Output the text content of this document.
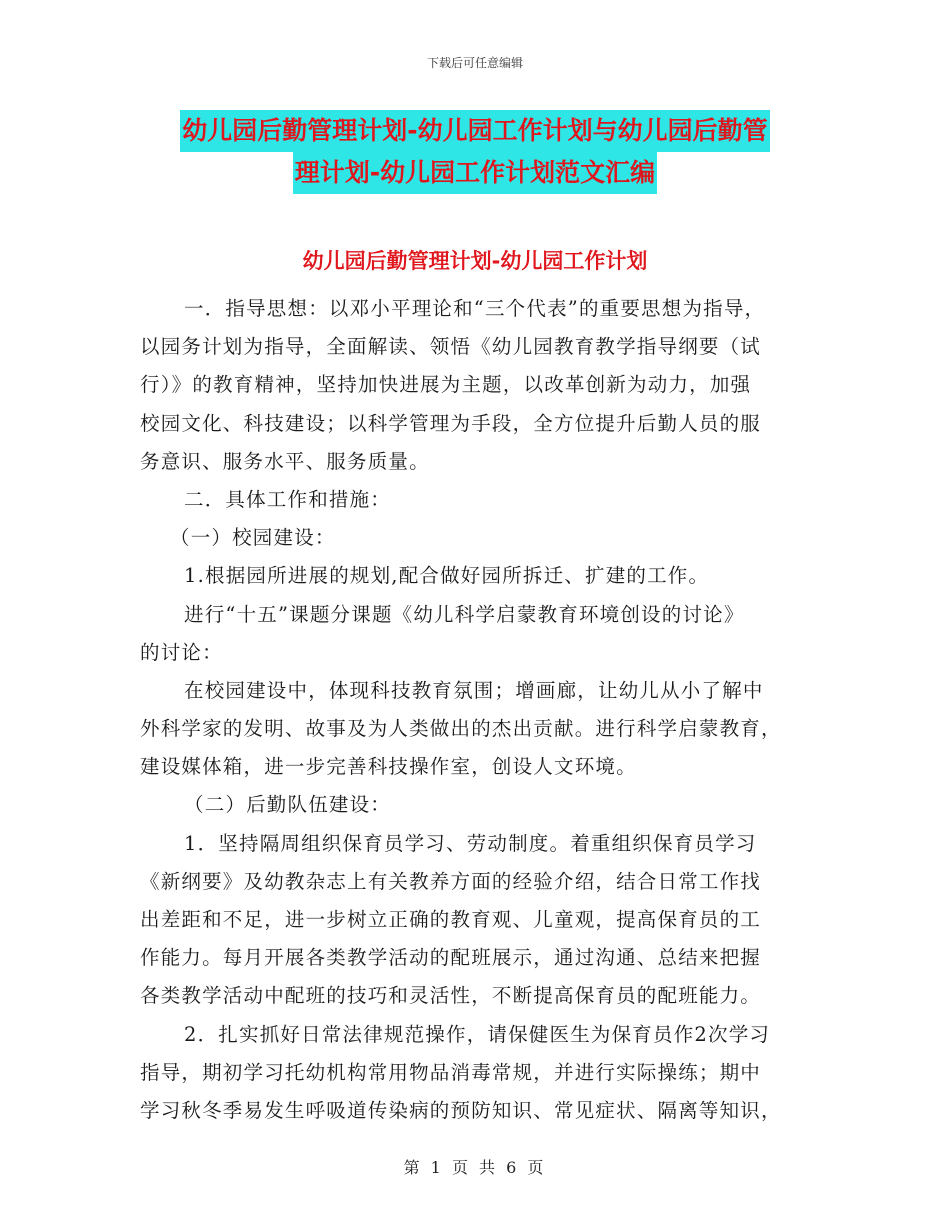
下载后可任意编辑
幼儿园后勤管理计划-幼儿园工作计划与幼儿园后勤管
理计划-幼儿园工作计划范文汇编
幼儿园后勤管理计划-幼儿园工作计划
一．指导思想：以邓小平理论和“三个代表”的重要思想为指导，
以园务计划为指导，全面解读、领悟《幼儿园教育教学指导纲要（试
行）》的教育精神，坚持加快进展为主题，以改革创新为动力，加强
校园文化、科技建设；以科学管理为手段，全方位提升后勤人员的服
务意识、服务水平、服务质量。
二．具体工作和措施：
（一）校园建设：
1.根据园所进展的规划,配合做好园所拆迁、扩建的工作。
进行“十五”课题分课题《幼儿科学启蒙教育环境创设的讨论》
的讨论：
在校园建设中，体现科技教育氛围；增画廊，让幼儿从小了解中
外科学家的发明、故事及为人类做出的杰出贡献。进行科学启蒙教育，
建设媒体箱，进一步完善科技操作室，创设人文环境。
（二）后勤队伍建设：
1．坚持隔周组织保育员学习、劳动制度。着重组织保育员学习
《新纲要》及幼教杂志上有关教养方面的经验介绍，结合日常工作找
出差距和不足，进一步树立正确的教育观、儿童观，提高保育员的工
作能力。每月开展各类教学活动的配班展示，通过沟通、总结来把握
各类教学活动中配班的技巧和灵活性，不断提高保育员的配班能力。
2．扎实抓好日常法律规范操作，请保健医生为保育员作2次学习
指导，期初学习托幼机构常用物品消毒常规，并进行实际操练；期中
学习秋冬季易发生呼吸道传染病的预防知识、常见症状、隔离等知识，
第 1 页 共 6 页
